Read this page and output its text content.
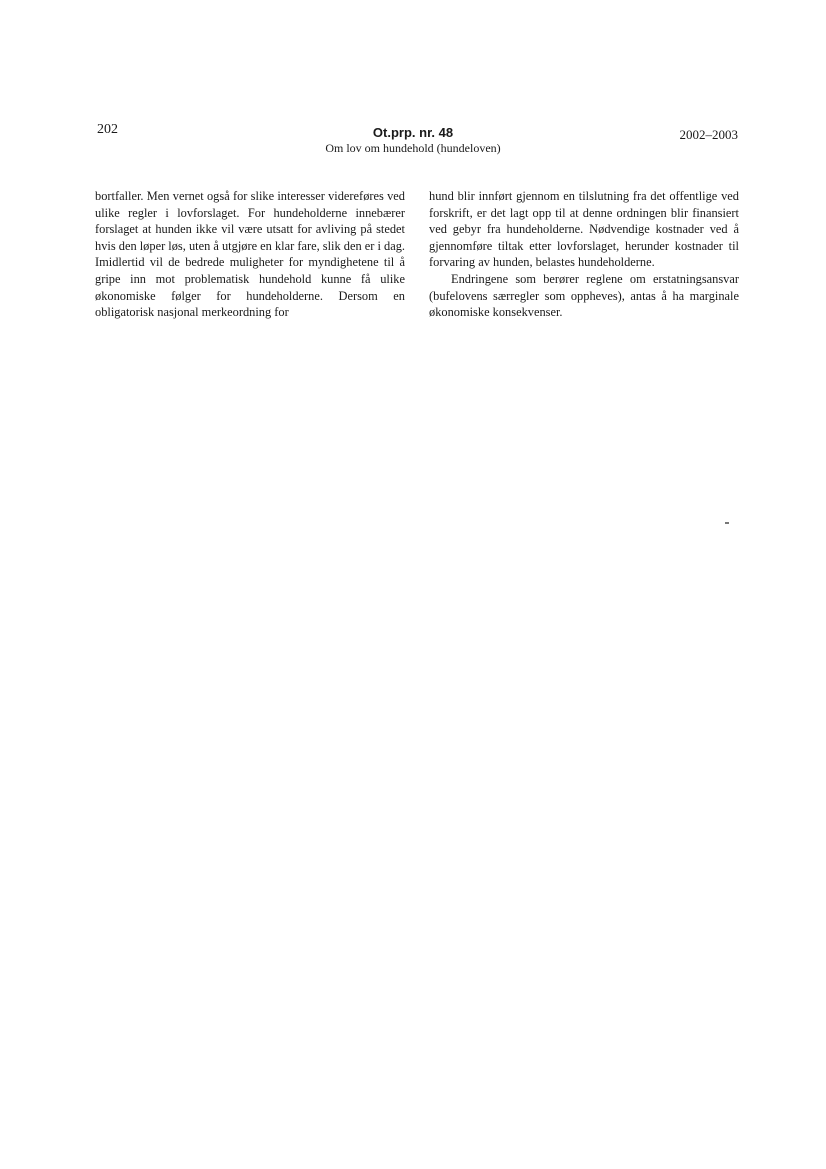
202	Ot.prp. nr. 48
Om lov om hundehold (hundeloven)
2002–2003

bortfaller. Men vernet også for slike interesser videreføres ved ulike regler i lovforslaget. For hundeholderne innebærer forslaget at hunden ikke vil være utsatt for avliving på stedet hvis den løper løs, uten å utgjøre en klar fare, slik den er i dag. Imidlertid vil de bedrede muligheter for myndighetene til å gripe inn mot problematisk hundehold kunne få ulike økonomiske følger for hundeholderne. Dersom en obligatorisk nasjonal merkeordning for

hund blir innført gjennom en tilslutning fra det offentlige ved forskrift, er det lagt opp til at denne ordningen blir finansiert ved gebyr fra hundeholderne. Nødvendige kostnader ved å gjennomføre tiltak etter lovforslaget, herunder kostnader til forvaring av hunden, belastes hundeholderne.

Endringene som berører reglene om erstatningsansvar (bufelovens særregler som oppheves), antas å ha marginale økonomiske konsekvenser.
